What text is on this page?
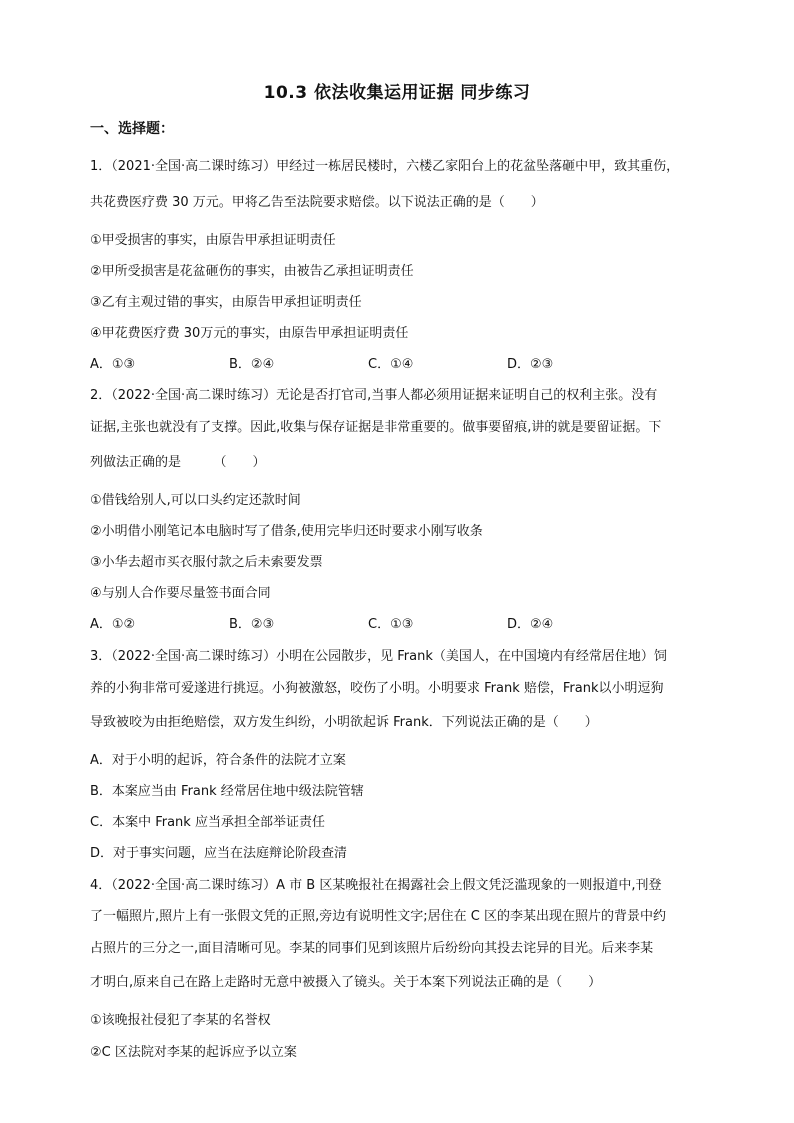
10.3 依法收集运用证据 同步练习
一、选择题：
1．（2021·全国·高二课时练习）甲经过一栋居民楼时，六楼乙家阳台上的花盆坠落砸中甲，致其重伤，
共花费医疗费 30 万元。甲将乙告至法院要求赔偿。以下说法正确的是（　　）
①甲受损害的事实，由原告甲承担证明责任
②甲所受损害是花盆砸伤的事实，由被告乙承担证明责任
③乙有主观过错的事实，由原告甲承担证明责任
④甲花费医疗费 30万元的事实，由原告甲承担证明责任
A．①③	B．②④	C．①④	D．②③
2．（2022·全国·高二课时练习）无论是否打官司,当事人都必须用证据来证明自己的权利主张。没有
证据,主张也就没有了支撑。因此,收集与保存证据是非常重要的。做事要留痕,讲的就是要留证据。下
列做法正确的是　　　（　　）
①借钱给别人,可以口头约定还款时间
②小明借小刚笔记本电脑时写了借条,使用完毕归还时要求小刚写收条
③小华去超市买衣服付款之后未索要发票
④与别人合作要尽量签书面合同
A．①②	B．②③	C．①③	D．②④
3．（2022·全国·高二课时练习）小明在公园散步，见 Frank（美国人，在中国境内有经常居住地）饲
养的小狗非常可爱遂进行挑逗。小狗被激怒，咬伤了小明。小明要求 Frank 赔偿，Frank以小明逗狗
导致被咬为由拒绝赔偿，双方发生纠纷，小明欲起诉 Frank．下列说法正确的是（　　）
A．对于小明的起诉，符合条件的法院才立案
B．本案应当由 Frank 经常居住地中级法院管辖
C．本案中 Frank 应当承担全部举证责任
D．对于事实问题，应当在法庭辩论阶段查清
4．（2022·全国·高二课时练习）A 市 B 区某晚报社在揭露社会上假文凭泛滥现象的一则报道中,刊登
了一幅照片,照片上有一张假文凭的正照,旁边有说明性文字;居住在 C 区的李某出现在照片的背景中约
占照片的三分之一,面目清晰可见。李某的同事们见到该照片后纷纷向其投去诧异的目光。后来李某
才明白,原来自己在路上走路时无意中被摄入了镜头。关于本案下列说法正确的是（　　）
①该晚报社侵犯了李某的名誉权
②C 区法院对李某的起诉应予以立案
